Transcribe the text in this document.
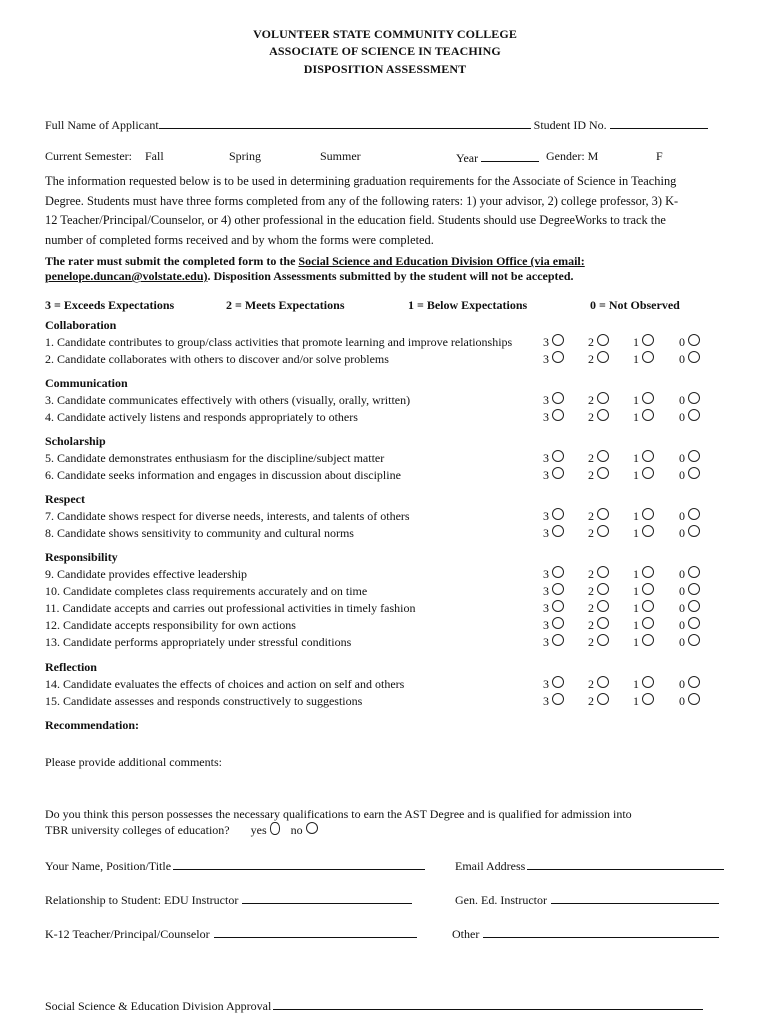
VOLUNTEER STATE COMMUNITY COLLEGE
ASSOCIATE OF SCIENCE IN TEACHING
DISPOSITION ASSESSMENT
Full Name of Applicant	Student ID No.
Current Semester: Fall	Spring	Summer	Year	Gender: M	F
The information requested below is to be used in determining graduation requirements for the Associate of Science in Teaching Degree. Students must have three forms completed from any of the following raters: 1) your advisor, 2) college professor, 3) K-12 Teacher/Principal/Counselor, or 4) other professional in the education field. Students should use DegreeWorks to track the number of completed forms received and by whom the forms were completed.
The rater must submit the completed form to the Social Science and Education Division Office (via email: penelope.duncan@volstate.edu). Disposition Assessments submitted by the student will not be accepted.
3 = Exceeds Expectations	2 = Meets Expectations	1 = Below Expectations	0 = Not Observed
Collaboration
1. Candidate contributes to group/class activities that promote learning and improve relationships	3	2	1	0
2. Candidate collaborates with others to discover and/or solve problems	3	2	1	0
Communication
3. Candidate communicates effectively with others (visually, orally, written)	3	2	1	0
4. Candidate actively listens and responds appropriately to others	3	2	1	0
Scholarship
5. Candidate demonstrates enthusiasm for the discipline/subject matter	3	2	1	0
6. Candidate seeks information and engages in discussion about discipline	3	2	1	0
Respect
7. Candidate shows respect for diverse needs, interests, and talents of others	3	2	1	0
8. Candidate shows sensitivity to community and cultural norms	3	2	1	0
Responsibility
9. Candidate provides effective leadership	3	2	1	0
10. Candidate completes class requirements accurately and on time	3	2	1	0
11. Candidate accepts and carries out professional activities in timely fashion	3	2	1	0
12. Candidate accepts responsibility for own actions	3	2	1	0
13. Candidate performs appropriately under stressful conditions	3	2	1	0
Reflection
14. Candidate evaluates the effects of choices and action on self and others	3	2	1	0
15. Candidate assesses and responds constructively to suggestions	3	2	1	0
Recommendation:
Please provide additional comments:
Do you think this person possesses the necessary qualifications to earn the AST Degree and is qualified for admission into
TBR university colleges of education? yes no
Your Name, Position/Title	Email Address
Relationship to Student: EDU Instructor	Gen. Ed. Instructor
K-12 Teacher/Principal/Counselor	Other
Social Science & Education Division Approval
